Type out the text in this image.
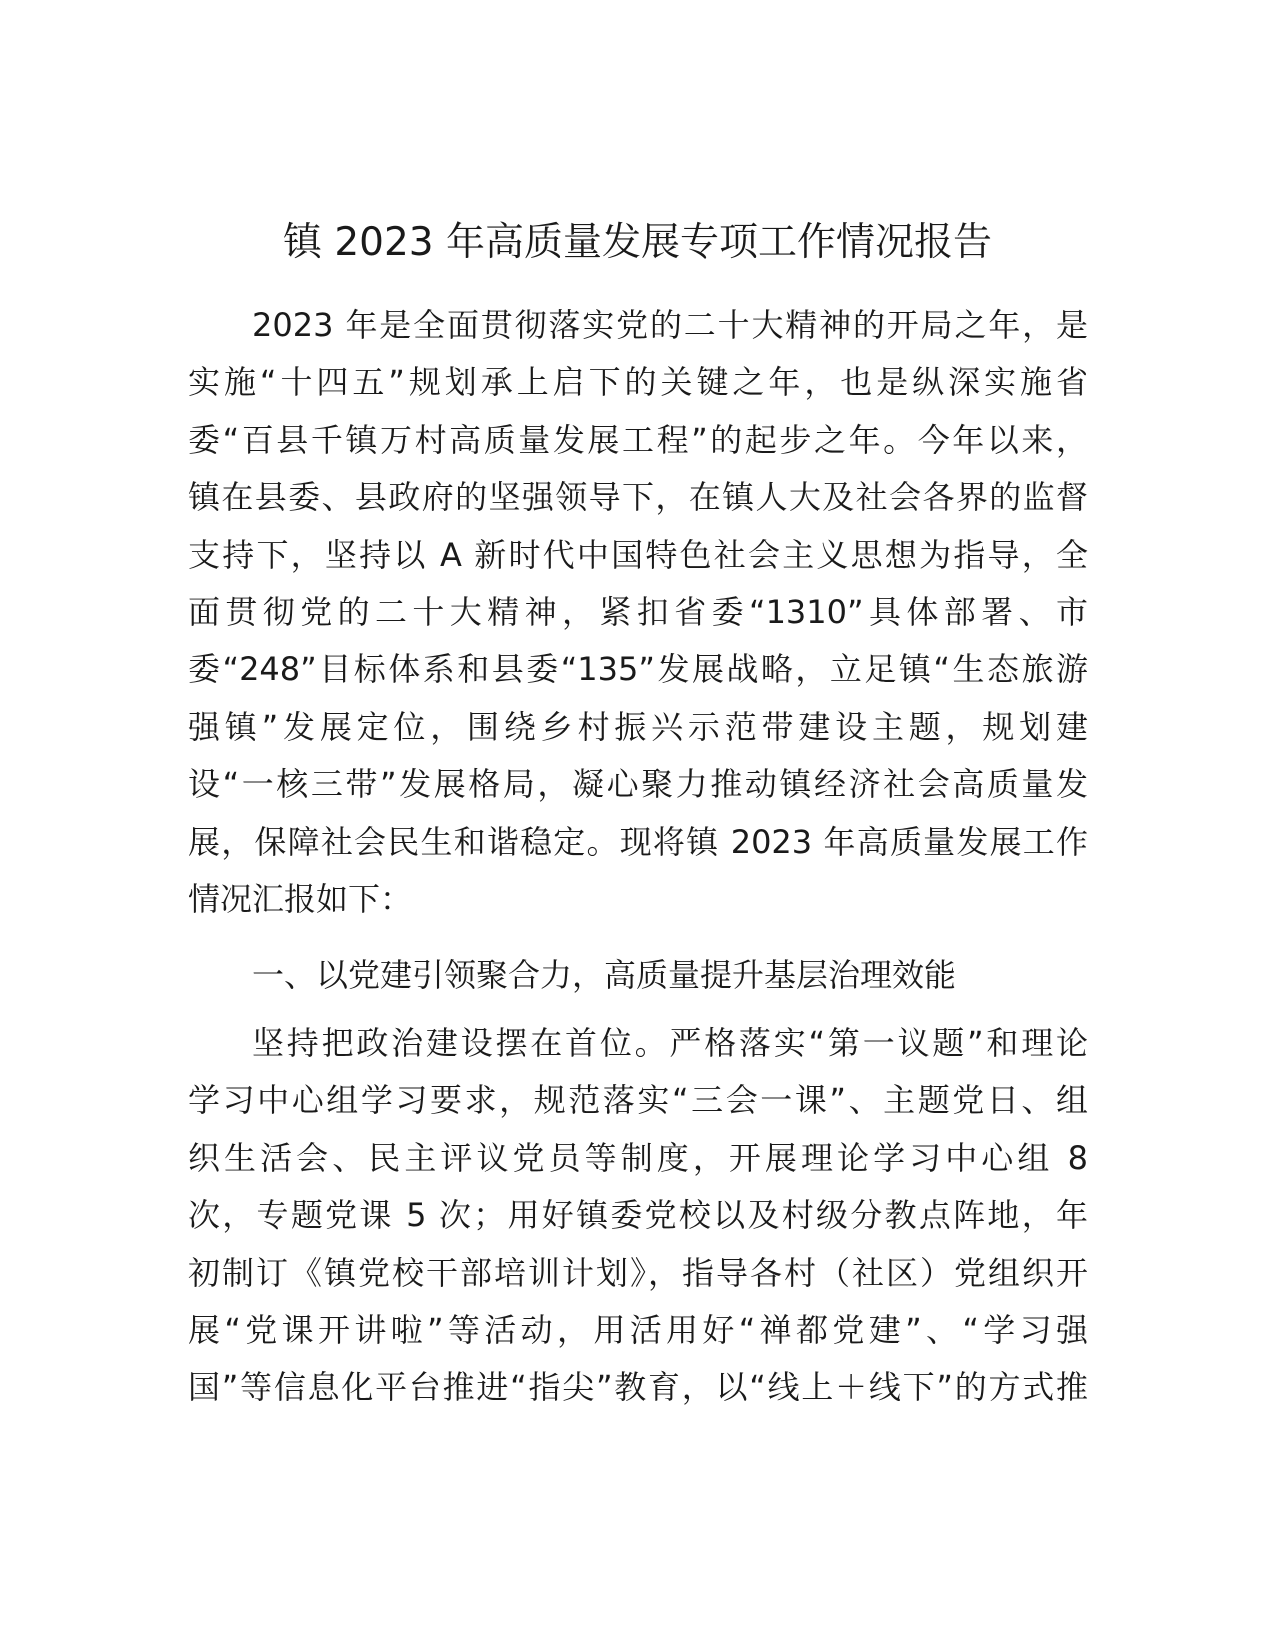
镇 2023 年高质量发展专项工作情况报告
2023 年是全面贯彻落实党的二十大精神的开局之年，是
实施“十四五”规划承上启下的关键之年，也是纵深实施省
委“百县千镇万村高质量发展工程”的起步之年。今年以来，
镇在县委、县政府的坚强领导下，在镇人大及社会各界的监督
支持下，坚持以 A 新时代中国特色社会主义思想为指导，全
面贯彻党的二十大精神，紧扣省委“1310”具体部署、市
委“248”目标体系和县委“135”发展战略，立足镇“生态旅游
强镇”发展定位，围绕乡村振兴示范带建设主题，规划建
设“一核三带”发展格局，凝心聚力推动镇经济社会高质量发
展，保障社会民生和谐稳定。现将镇 2023 年高质量发展工作
情况汇报如下：
一、以党建引领聚合力，高质量提升基层治理效能
坚持把政治建设摆在首位。严格落实“第一议题”和理论
学习中心组学习要求，规范落实“三会一课”、主题党日、组
织生活会、民主评议党员等制度，开展理论学习中心组 8
次，专题党课 5 次；用好镇委党校以及村级分教点阵地，年
初制订《镇党校干部培训计划》，指导各村（社区）党组织开
展“党课开讲啦”等活动，用活用好“禅都党建”、“学习强
国”等信息化平台推进“指尖”教育，以“线上＋线下”的方式推
